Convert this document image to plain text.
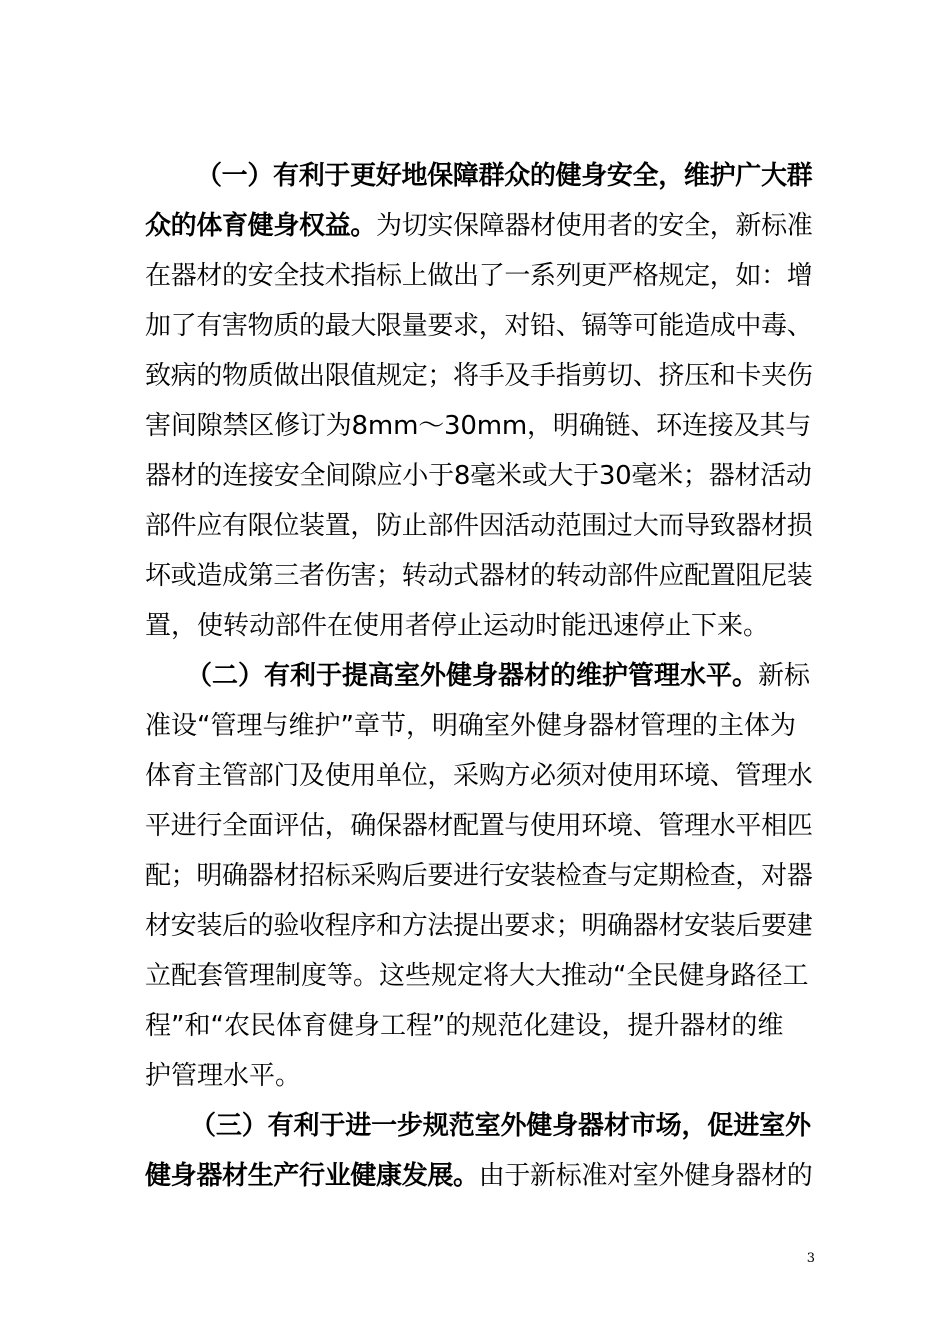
（一）有利于更好地保障群众的健身安全，维护广大群
众的体育健身权益。为切实保障器材使用者的安全，新标准
在器材的安全技术指标上做出了一系列更严格规定，如：增
加了有害物质的最大限量要求，对铅、镉等可能造成中毒、
致病的物质做出限值规定；将手及手指剪切、挤压和卡夹伤
害间隙禁区修订为8mm～30mm，明确链、环连接及其与
器材的连接安全间隙应小于8毫米或大于30毫米；器材活动
部件应有限位装置，防止部件因活动范围过大而导致器材损
坏或造成第三者伤害；转动式器材的转动部件应配置阻尼装
置，使转动部件在使用者停止运动时能迅速停止下来。
（二）有利于提高室外健身器材的维护管理水平。新标
准设“管理与维护”章节，明确室外健身器材管理的主体为
体育主管部门及使用单位，采购方必须对使用环境、管理水
平进行全面评估，确保器材配置与使用环境、管理水平相匹
配；明确器材招标采购后要进行安装检查与定期检查，对器
材安装后的验收程序和方法提出要求；明确器材安装后要建
立配套管理制度等。这些规定将大大推动“全民健身路径工
程”和“农民体育健身工程”的规范化建设，提升器材的维
护管理水平。
（三）有利于进一步规范室外健身器材市场，促进室外
健身器材生产行业健康发展。由于新标准对室外健身器材的
3
